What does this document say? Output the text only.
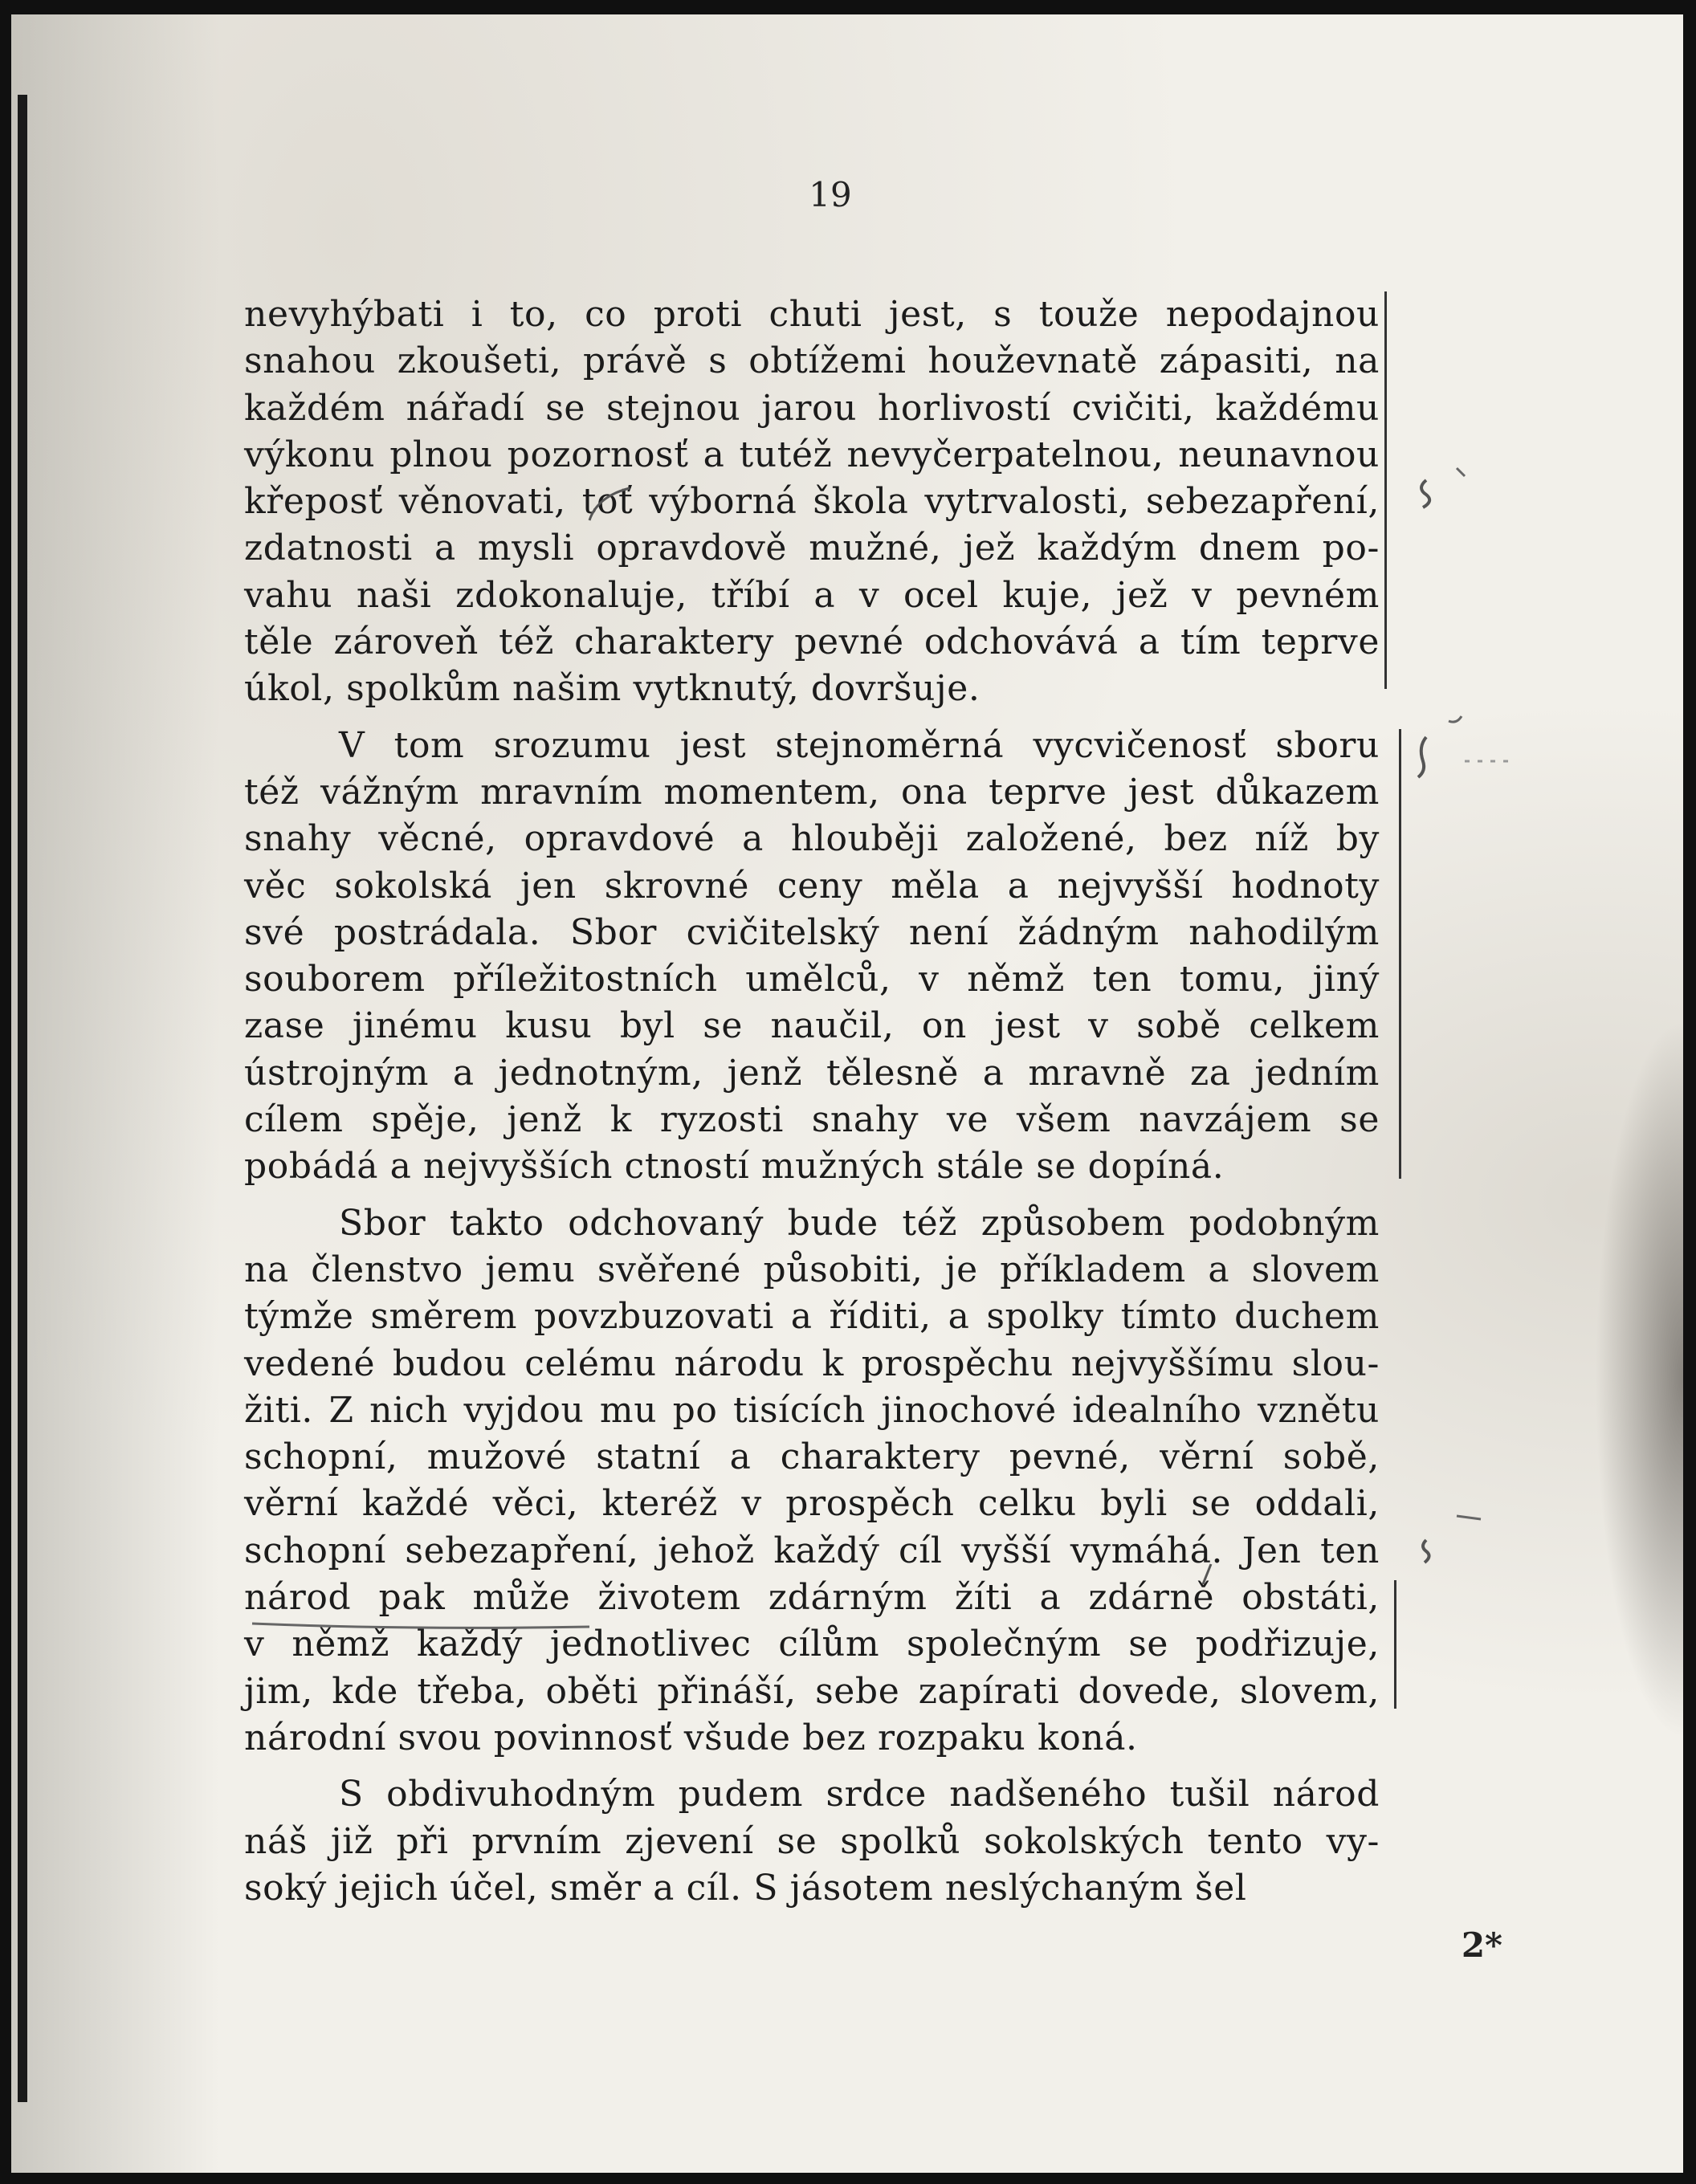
19
nevyhýbati i to, co proti chuti jest, s touže nepodajnou
snahou zkoušeti, právě s obtížemi houževnatě zápasiti, na
každém nářadí se stejnou jarou horlivostí cvičiti, každému
výkonu plnou pozornosť a tutéž nevyčerpatelnou, neunavnou
křeposť věnovati, toť výborná škola vytrvalosti, sebezapření,
zdatnosti a mysli opravdově mužné, jež každým dnem po-
vahu naši zdokonaluje, tříbí a v ocel kuje, jež v pevném
těle zároveň též charaktery pevné odchovává a tím teprve
úkol, spolkům našim vytknutý, dovršuje.
V tom srozumu jest stejnoměrná vycvičenosť sboru
též vážným mravním momentem, ona teprve jest důkazem
snahy věcné, opravdové a hlouběji založené, bez níž by
věc sokolská jen skrovné ceny měla a nejvyšší hodnoty
své postrádala. Sbor cvičitelský není žádným nahodilým
souborem příležitostních umělců, v němž ten tomu, jiný
zase jinému kusu byl se naučil, on jest v sobě celkem
ústrojným a jednotným, jenž tělesně a mravně za jedním
cílem spěje, jenž k ryzosti snahy ve všem navzájem se
pobádá a nejvyšších ctností mužných stále se dopíná.
Sbor takto odchovaný bude též způsobem podobným
na členstvo jemu svěřené působiti, je příkladem a slovem
týmže směrem povzbuzovati a říditi, a spolky tímto duchem
vedené budou celému národu k prospěchu nejvyššímu slou-
žiti. Z nich vyjdou mu po tisících jinochové idealního vznětu
schopní, mužové statní a charaktery pevné, věrní sobě,
věrní každé věci, kteréž v prospěch celku byli se oddali,
schopní sebezapření, jehož každý cíl vyšší vymáhá. Jen ten
národ pak může životem zdárným žíti a zdárně obstáti,
v němž každý jednotlivec cílům společným se podřizuje,
jim, kde třeba, oběti přináší, sebe zapírati dovede, slovem,
národní svou povinnosť všude bez rozpaku koná.
S obdivuhodným pudem srdce nadšeného tušil národ
náš již při prvním zjevení se spolků sokolských tento vy-
soký jejich účel, směr a cíl. S jásotem neslýchaným šel
2*
